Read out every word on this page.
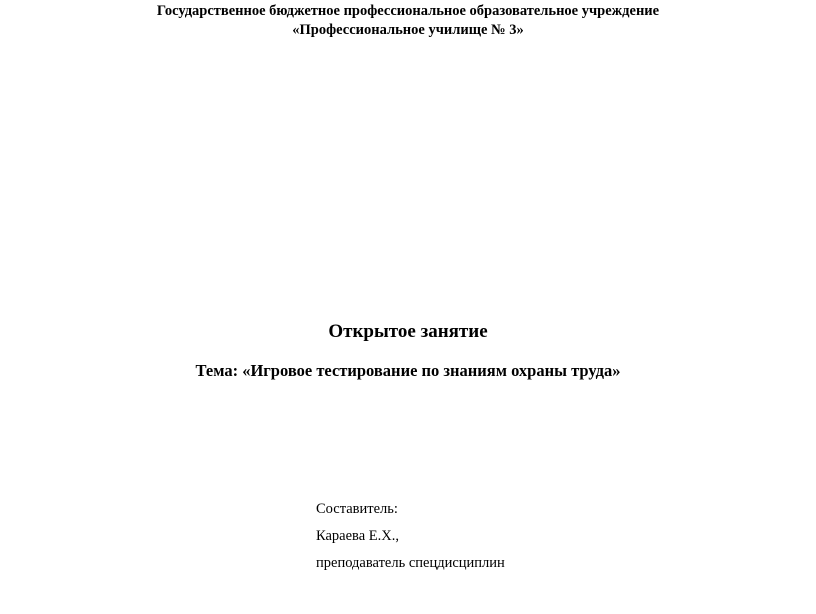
Государственное бюджетное профессиональное образовательное учреждение
«Профессиональное училище № 3»
Открытое занятие
Тема: «Игровое тестирование по знаниям охраны труда»
Составитель:
Караева Е.Х.,
преподаватель спецдисциплин
